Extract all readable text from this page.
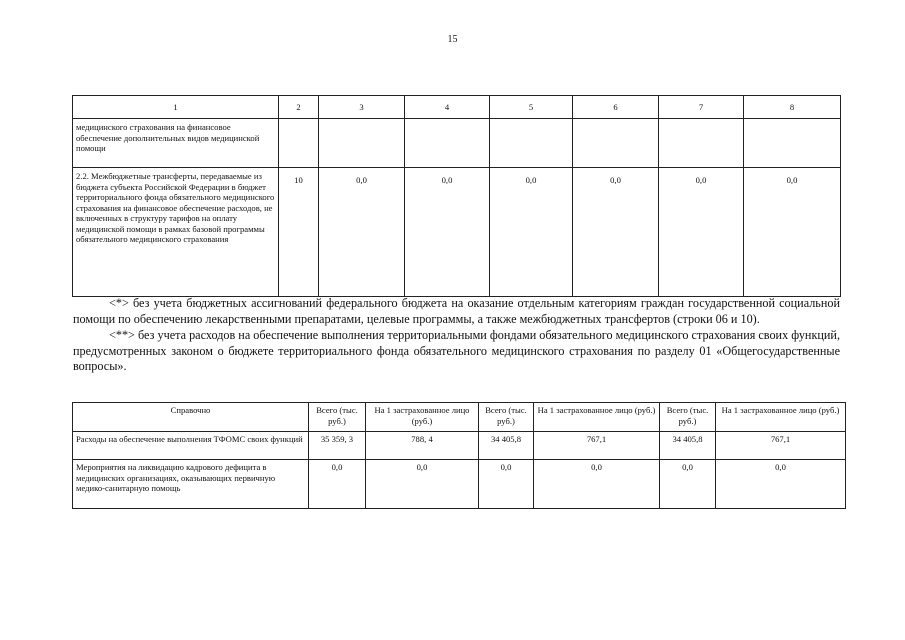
15
1	2	3	4	5	6	7	8
медицинского страхования на финансовое обеспечение дополнительных видов медицинской помощи							
2.2. Межбюджетные трансферты, передаваемые из бюджета субъекта Российской Федерации в бюджет территориального фонда обязательного медицинского страхования на финансовое обеспечение расходов, не включенных в структуру тарифов на оплату медицинской помощи в рамках базовой программы обязательного медицинского страхования	10	0,0	0,0	0,0	0,0	0,0	0,0

<*> без учета бюджетных ассигнований федерального бюджета на оказание отдельным категориям граждан государственной социальной помощи по обеспечению лекарственными препаратами, целевые программы, а также межбюджетных трансфертов (строки 06 и 10).

<**> без учета расходов на обеспечение выполнения территориальными фондами обязательного медицинского страхования своих функций, предусмотренных законом о бюджете территориального фонда обязательного медицинского страхования по разделу 01 «Общегосударственные вопросы».

Справочно	Всего (тыс. руб.)	На 1 застрахованное лицо (руб.)	Всего (тыс. руб.)	На 1 застрахованное лицо (руб.)	Всего (тыс. руб.)	На 1 застрахованное лицо (руб.)
Расходы на обеспечение выполнения ТФОМС своих функций	35 359, 3	788, 4	34 405,8	767,1	34 405,8	767,1
Мероприятия на ликвидацию кадрового дефицита в медицинских организациях, оказывающих первичную медико-санитарную помощь	0,0	0,0	0,0	0,0	0,0	0,0
